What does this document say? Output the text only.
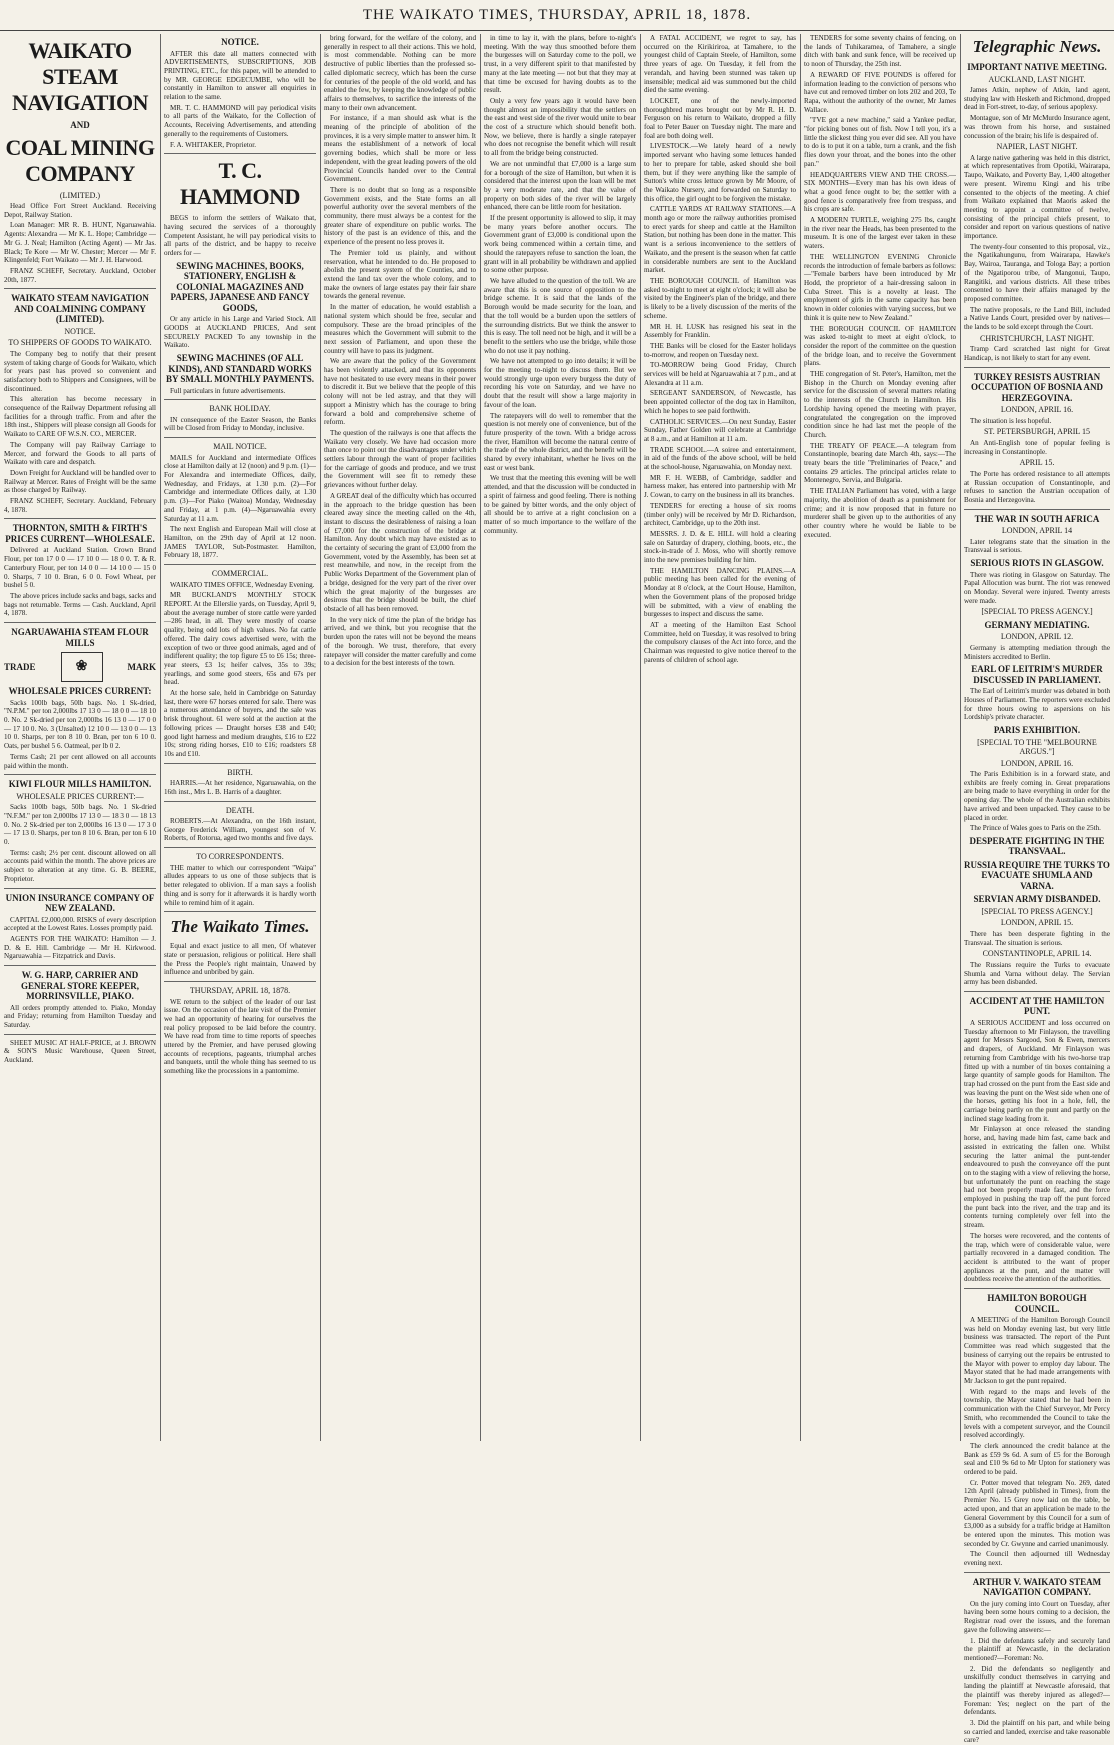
THE WAIKATO TIMES, THURSDAY, APRIL 18, 1878.
WAIKATO STEAM NAVIGATION
AND
COAL MINING COMPANY
(LIMITED.)
Head Office Fort Street Auckland. Receiving Depot, Railway Station.
Loan Manager: MR R. B. HUNT, Ngaruawahia. Agents: Alexandra — Mr K. L. Hope; Cambridge — Mr G. J. Neal; Hamilton (Acting Agent) — Mr Jas. Black; Te Kore — Mr W. Chester; Mercer — Mr F. Klingenfeld; Fort Waikato — Mr J. H. Harwood.
FRANZ SCHEFF, Secretary. Auckland, October 20th, 1877.
WAIKATO STEAM NAVIGATION AND COALMINING COMPANY (LIMITED).
NOTICE.
TO SHIPPERS OF GOODS TO WAIKATO.
The Company beg to notify that their present system of taking charge of Goods for Waikato, which for years past has proved so convenient and satisfactory both to Shippers and Consignees, will be discontinued.
This alteration has become necessary in consequence of the Railway Department refusing all facilities for a through traffic. From and after the 18th inst., Shippers will please consign all Goods for Waikato to CARE OF W.S.N. CO., MERCER.
The Company will pay Railway Carriage to Mercer, and forward the Goods to all parts of Waikato with care and despatch.
Down Freight for Auckland will be handled over to Railway at Mercer. Rates of Freight will be the same as those charged by Railway.
FRANZ SCHEFF, Secretary. Auckland, February 4, 1878.
THORNTON, SMITH & FIRTH'S PRICES CURRENT—WHOLESALE.
Delivered at Auckland Station. Crown Brand Flour, per ton 17 0 0 — 17 10 0 — 18 0 0. T. & R. Canterbury Flour, per ton 14 0 0 — 14 10 0 — 15 0 0. Sharps, 7 10 0. Bran, 6 0 0. Fowl Wheat, per bushel 5 0.
The above prices include sacks and bags, sacks and bags not returnable. Terms — Cash. Auckland, April 4, 1878.
NGARUAWAHIA STEAM FLOUR MILLS
TRADE	❀	MARK
WHOLESALE PRICES CURRENT:
Sacks 100lb bags, 50lb bags. No. 1 Sk-dried, "N.P.M." per ton 2,000lbs 17 13 0 — 18 0 0 — 18 10 0. No. 2 Sk-dried per ton 2,000lbs 16 13 0 — 17 0 0 — 17 10 0. No. 3 (Unsalted) 12 10 0 — 13 0 0 — 13 10 0. Sharps, per ton 8 10 0. Bran, per ton 6 10 0. Oats, per bushel 5 6. Oatmeal, per lb 0 2.
Terms Cash; 21 per cent allowed on all accounts paid within the month.
KIWI FLOUR MILLS HAMILTON.
WHOLESALE PRICES CURRENT:—
Sacks 100lb bags, 50lb bags. No. 1 Sk-dried "N.F.M." per ton 2,000lbs 17 13 0 — 18 3 0 — 18 13 0. No. 2 Sk-dried per ton 2,000lbs 16 13 0 — 17 3 0 — 17 13 0. Sharps, per ton 8 10 6. Bran, per ton 6 10 0.
Terms: cash; 2½ per cent. discount allowed on all accounts paid within the month. The above prices are subject to alteration at any time. G. B. BEERE, Proprietor.
UNION INSURANCE COMPANY OF NEW ZEALAND.
CAPITAL £2,000,000. RISKS of every description accepted at the Lowest Rates. Losses promptly paid.
AGENTS FOR THE WAIKATO: Hamilton — J. D. & E. Hill. Cambridge — Mr H. Kirkwood. Ngaruawahia — Fitzpatrick and Davis.
W. G. HARP, CARRIER AND GENERAL STORE KEEPER, MORRINSVILLE, PIAKO.
All orders promptly attended to. Piako, Monday and Friday; returning from Hamilton Tuesday and Saturday.
SHEET MUSIC AT HALF-PRICE, at J. BROWN & SON'S Music Warehouse, Queen Street, Auckland.
NOTICE.
AFTER this date all matters connected with ADVERTISEMENTS, SUBSCRIPTIONS, JOB PRINTING, ETC., for this paper, will be attended to by MR. GEORGE EDGECUMBE, who will be constantly in Hamilton to answer all enquiries in relation to the same.
MR. T. C. HAMMOND will pay periodical visits to all parts of the Waikato, for the Collection of Accounts, Receiving Advertisements, and attending generally to the requirements of Customers.
F. A. WHITAKER, Proprietor.
T. C. HAMMOND
BEGS to inform the settlers of Waikato that, having secured the services of a thoroughly Competent Assistant, he will pay periodical visits to all parts of the district, and be happy to receive orders for —
SEWING MACHINES, BOOKS, STATIONERY, ENGLISH & COLONIAL MAGAZINES AND PAPERS, JAPANESE AND FANCY GOODS,
Or any article in his Large and Varied Stock. All GOODS at AUCKLAND PRICES, And sent SECURELY PACKED To any township in the Waikato.
SEWING MACHINES (OF ALL KINDS), AND STANDARD WORKS BY SMALL MONTHLY PAYMENTS.
Full particulars in future advertisements.
BANK HOLIDAY.
IN consequence of the Easter Season, the Banks will be Closed from Friday to Monday, inclusive.
MAIL NOTICE.
MAILS for Auckland and intermediate Offices close at Hamilton daily at 12 (noon) and 9 p.m. (1)—For Alexandra and intermediate Offices, daily, Wednesday, and Fridays, at 1.30 p.m. (2)—For Cambridge and intermediate Offices daily, at 1.30 p.m. (3)—For Piako (Waitoa) Monday, Wednesday and Friday, at 1 p.m. (4)—Ngaruawahia every Saturday at 11 a.m.
The next English and European Mail will close at Hamilton, on the 29th day of April at 12 noon. JAMES TAYLOR, Sub-Postmaster. Hamilton, February 18, 1877.
COMMERCIAL.
WAIKATO TIMES OFFICE, Wednesday Evening.
MR BUCKLAND'S MONTHLY STOCK REPORT. At the Ellerslie yards, on Tuesday, April 9, about the average number of store cattle were yarded—286 head, in all. They were mostly of coarse quality, being odd lots of high values. No fat cattle offered. The dairy cows advertised were, with the exception of two or three good animals, aged and of indifferent quality; the top figure £5 to £6 15s; three-year steers, £3 1s; heifer calves, 35s to 39s; yearlings, and some good steers, 65s and 67s per head.
At the horse sale, held in Cambridge on Saturday last, there were 67 horses entered for sale. There was a numerous attendance of buyers, and the sale was brisk throughout. 61 were sold at the auction at the following prices — Draught horses £38 and £40; good light harness and medium draughts, £16 to £22 10s; strong riding horses, £10 to £16; roadsters £8 10s and £10.
BIRTH.
HARRIS.—At her residence, Ngaruawahia, on the 16th inst., Mrs L. B. Harris of a daughter.
DEATH.
ROBERTS.—At Alexandra, on the 16th instant, George Frederick William, youngest son of V. Roberts, of Rotorua, aged two months and five days.
TO CORRESPONDENTS.
THE matter to which our correspondent "Waipa" alludes appears to us one of those subjects that is better relegated to oblivion. If a man says a foolish thing and is sorry for it afterwards it is hardly worth while to remind him of it again.
The Waikato Times.
Equal and exact justice to all men, Of whatever state or persuasion, religious or political. Here shall the Press the People's right maintain, Unawed by influence and unbribed by gain.
THURSDAY, APRIL 18, 1878.
WE return to the subject of the leader of our last issue. On the occasion of the late visit of the Premier we had an opportunity of hearing for ourselves the real policy proposed to be laid before the country. We have read from time to time reports of speeches uttered by the Premier, and have perused glowing accounts of receptions, pageants, triumphal arches and banquets, until the whole thing has seemed to us something like the processions in a pantomime.
bring forward, for the welfare of the colony, and generally in respect to all their actions. This we hold, is most commendable. Nothing can be more destructive of public liberties than the professed so-called diplomatic secrecy, which has been the curse for centuries of the people of the old world, and has enabled the few, by keeping the knowledge of public affairs to themselves, to sacrifice the interests of the many to their own advancement.
For instance, if a man should ask what is the meaning of the principle of abolition of the provinces, it is a very simple matter to answer him. It means the establishment of a network of local governing bodies, which shall be more or less independent, with the great leading powers of the old Provincial Councils handed over to the Central Government.
There is no doubt that so long as a responsible Government exists, and the State forms an all powerful authority over the several members of the community, there must always be a contest for the greater share of expenditure on public works. The history of the past is an evidence of this, and the experience of the present no less proves it.
The Premier told us plainly, and without reservation, what he intended to do. He proposed to abolish the present system of the Counties, and to extend the land tax over the whole colony, and to make the owners of large estates pay their fair share towards the general revenue.
In the matter of education, he would establish a national system which should be free, secular and compulsory. These are the broad principles of the measures which the Government will submit to the next session of Parliament, and upon these the country will have to pass its judgment.
We are aware that the policy of the Government has been violently attacked, and that its opponents have not hesitated to use every means in their power to discredit it. But we believe that the people of this colony will not be led astray, and that they will support a Ministry which has the courage to bring forward a bold and comprehensive scheme of reform.
The question of the railways is one that affects the Waikato very closely. We have had occasion more than once to point out the disadvantages under which settlers labour through the want of proper facilities for the carriage of goods and produce, and we trust the Government will see fit to remedy these grievances without further delay.
A GREAT deal of the difficulty which has occurred in the approach to the bridge question has been cleared away since the meeting called on the 4th, instant to discuss the desirableness of raising a loan of £7,000 for the construction of the bridge at Hamilton. Any doubt which may have existed as to the certainty of securing the grant of £3,000 from the Government, voted by the Assembly, has been set at rest meanwhile, and now, in the receipt from the Public Works Department of the Government plan of a bridge, designed for the very part of the river over which the great majority of the burgesses are desirous that the bridge should be built, the chief obstacle of all has been removed.
In the very nick of time the plan of the bridge has arrived, and we think, but you recognise that the burden upon the rates will not be beyond the means of the borough. We trust, therefore, that every ratepayer will consider the matter carefully and come to a decision for the best interests of the town.
in time to lay it, with the plans, before to-night's meeting. With the way thus smoothed before them the burgesses will on Saturday come to the poll, we trust, in a very different spirit to that manifested by many at the late meeting — not but that they may at that time be excused for having doubts as to the result.
Only a very few years ago it would have been thought almost an impossibility that the settlers on the east and west side of the river would unite to bear the cost of a structure which should benefit both. Now, we believe, there is hardly a single ratepayer who does not recognise the benefit which will result to all from the bridge being constructed.
We are not unmindful that £7,000 is a large sum for a borough of the size of Hamilton, but when it is considered that the interest upon the loan will be met by a very moderate rate, and that the value of property on both sides of the river will be largely enhanced, there can be little room for hesitation.
If the present opportunity is allowed to slip, it may be many years before another occurs. The Government grant of £3,000 is conditional upon the work being commenced within a certain time, and should the ratepayers refuse to sanction the loan, the grant will in all probability be withdrawn and applied to some other purpose.
We have alluded to the question of the toll. We are aware that this is one source of opposition to the bridge scheme. It is said that the lands of the Borough would be made security for the loan, and that the toll would be a burden upon the settlers of the surrounding districts. But we think the answer to this is easy. The toll need not be high, and it will be a benefit to the settlers who use the bridge, while those who do not use it pay nothing.
We have not attempted to go into details; it will be for the meeting to-night to discuss them. But we would strongly urge upon every burgess the duty of recording his vote on Saturday, and we have no doubt that the result will show a large majority in favour of the loan.
The ratepayers will do well to remember that the question is not merely one of convenience, but of the future prosperity of the town. With a bridge across the river, Hamilton will become the natural centre of the trade of the whole district, and the benefit will be shared by every inhabitant, whether he lives on the east or west bank.
We trust that the meeting this evening will be well attended, and that the discussion will be conducted in a spirit of fairness and good feeling. There is nothing to be gained by bitter words, and the only object of all should be to arrive at a right conclusion on a matter of so much importance to the welfare of the community.
A FATAL ACCIDENT, we regret to say, has occurred on the Kirikiriroa, at Tamahere, to the youngest child of Captain Steele, of Hamilton, some three years of age. On Tuesday, it fell from the verandah, and having been stunned was taken up insensible; medical aid was summoned but the child died the same evening.
LOCKET, one of the newly-imported thoroughbred mares brought out by Mr R. H. D. Ferguson on his return to Waikato, dropped a filly foal to Peter Bauer on Tuesday night. The mare and foal are both doing well.
LIVESTOCK.—We lately heard of a newly imported servant who having some lettuces handed to her to prepare for table, asked should she boil them, but if they were anything like the sample of Sutton's white cross lettuce grown by Mr Moore, of the Waikato Nursery, and forwarded on Saturday to this office, the girl ought to be forgiven the mistake.
CATTLE YARDS AT RAILWAY STATIONS.—A month ago or more the railway authorities promised to erect yards for sheep and cattle at the Hamilton Station, but nothing has been done in the matter. This want is a serious inconvenience to the settlers of Waikato, and the present is the season when fat cattle in considerable numbers are sent to the Auckland market.
THE BOROUGH COUNCIL of Hamilton was asked to-night to meet at eight o'clock; it will also be visited by the Engineer's plan of the bridge, and there is likely to be a lively discussion of the merits of the scheme.
MR H. H. LUSK has resigned his seat in the Assembly for Franklin.
THE Banks will be closed for the Easter holidays to-morrow, and reopen on Tuesday next.
TO-MORROW being Good Friday, Church services will be held at Ngaruawahia at 7 p.m., and at Alexandra at 11 a.m.
SERGEANT SANDERSON, of Newcastle, has been appointed collector of the dog tax in Hamilton, which he hopes to see paid forthwith.
CATHOLIC SERVICES.—On next Sunday, Easter Sunday, Father Golden will celebrate at Cambridge at 8 a.m., and at Hamilton at 11 a.m.
TRADE SCHOOL.—A soiree and entertainment, in aid of the funds of the above school, will be held at the school-house, Ngaruawahia, on Monday next.
MR F. H. WEBB, of Cambridge, saddler and harness maker, has entered into partnership with Mr J. Cowan, to carry on the business in all its branches.
TENDERS for erecting a house of six rooms (timber only) will be received by Mr D. Richardson, architect, Cambridge, up to the 20th inst.
MESSRS. J. D. & E. HILL will hold a clearing sale on Saturday of drapery, clothing, boots, etc., the stock-in-trade of J. Moss, who will shortly remove into the new premises building for him.
THE HAMILTON DANCING PLAINS.—A public meeting has been called for the evening of Monday at 8 o'clock, at the Court House, Hamilton, when the Government plans of the proposed bridge will be submitted, with a view of enabling the burgesses to inspect and discuss the same.
AT a meeting of the Hamilton East School Committee, held on Tuesday, it was resolved to bring the compulsory clauses of the Act into force, and the Chairman was requested to give notice thereof to the parents of children of school age.
TENDERS for some seventy chains of fencing, on the lands of Tuhikaramea, of Tamahere, a single ditch with bank and sunk fence, will be received up to noon of Thursday, the 25th inst.
A REWARD OF FIVE POUNDS is offered for information leading to the conviction of persons who have cut and removed timber on lots 202 and 203, Te Rapa, without the authority of the owner, Mr James Wallace.
"I'VE got a new machine," said a Yankee pedlar, "for picking bones out of fish. Now I tell you, it's a little the slickest thing you ever did see. All you have to do is to put it on a table, turn a crank, and the fish flies down your throat, and the bones into the other pan."
HEADQUARTERS VIEW AND THE CROSS.—SIX MONTHS—Every man has his own ideas of what a good fence ought to be; the settler with a good fence is comparatively free from trespass, and his crops are safe.
A MODERN TURTLE, weighing 275 lbs, caught in the river near the Heads, has been presented to the museum. It is one of the largest ever taken in these waters.
THE WELLINGTON EVENING Chronicle records the introduction of female barbers as follows:—"Female barbers have been introduced by Mr Hodd, the proprietor of a hair-dressing saloon in Cuba Street. This is a novelty at least. The employment of girls in the same capacity has been known in older colonies with varying success, but we think it is quite new to New Zealand."
THE BOROUGH COUNCIL OF HAMILTON was asked to-night to meet at eight o'clock, to consider the report of the committee on the question of the bridge loan, and to receive the Government plans.
THE congregation of St. Peter's, Hamilton, met the Bishop in the Church on Monday evening after service for the discussion of several matters relating to the interests of the Church in Hamilton. His Lordship having opened the meeting with prayer, congratulated the congregation on the improved condition since he had last met the people of the Church.
THE TREATY OF PEACE.—A telegram from Constantinople, bearing date March 4th, says:—The treaty bears the title "Preliminaries of Peace," and contains 29 articles. The principal articles relate to Montenegro, Servia, and Bulgaria.
THE ITALIAN Parliament has voted, with a large majority, the abolition of death as a punishment for crime; and it is now proposed that in future no murderer shall be given up to the authorities of any other country where he would be liable to be executed.
Telegraphic News.
IMPORTANT NATIVE MEETING.
AUCKLAND, LAST NIGHT.
James Atkin, nephew of Atkin, land agent, studying law with Hesketh and Richmond, dropped dead in Fort-street, to-day, of serious apoplexy.
Montague, son of Mr McMurdo Insurance agent, was thrown from his horse, and sustained concussion of the brain; his life is despaired of.
NAPIER, LAST NIGHT.
A large native gathering was held in this district, at which representatives from Opotiki, Wairarapa, Taupo, Waikato, and Poverty Bay, 1,400 altogether were present. Wiremu Kingi and his tribe consented to the objects of the meeting. A chief from Waikato explained that Maoris asked the meeting to appoint a committee of twelve, consisting of the principal chiefs present, to consider and report on various questions of native importance.
The twenty-four consented to this proposal, viz., the Ngatikahungunu, from Wairarapa, Hawke's Bay, Wairoa, Tauranga, and Tologa Bay; a portion of the Ngatiporou tribe, of Mangonui, Taupo, Rangitiki, and various districts. All these tribes consented to have their affairs managed by the proposed committee.
The native proposals, re the Land Bill, included a Native Lands Court, presided over by natives—the lands to be sold except through the Court.
CHRISTCHURCH, LAST NIGHT.
Tramp Card scratched last night for Great Handicap, is not likely to start for any event.
TURKEY RESISTS AUSTRIAN OCCUPATION OF BOSNIA AND HERZEGOVINA.
LONDON, APRIL 16.
The situation is less hopeful.
ST. PETERSBURGH, APRIL 15
An Anti-English tone of popular feeling is increasing in Constantinople.
APRIL 15.
The Porte has ordered resistance to all attempts at Russian occupation of Constantinople, and refuses to sanction the Austrian occupation of Bosnia and Herzegovina.
THE WAR IN SOUTH AFRICA
LONDON, APRIL 14
Later telegrams state that the situation in the Transvaal is serious.
SERIOUS RIOTS IN GLASGOW.
There was rioting in Glasgow on Saturday. The Papal Allocution was burnt. The riot was renewed on Monday. Several were injured. Twenty arrests were made.
[SPECIAL TO PRESS AGENCY.]
GERMANY MEDIATING.
LONDON, APRIL 12.
Germany is attempting mediation through the Ministers accredited to Berlin.
EARL OF LEITRIM'S MURDER DISCUSSED IN PARLIAMENT.
The Earl of Leitrim's murder was debated in both Houses of Parliament. The reporters were excluded for three hours owing to aspersions on his Lordship's private character.
PARIS EXHIBITION.
[SPECIAL TO THE "MELBOURNE ARGUS."]
LONDON, APRIL 16.
The Paris Exhibition is in a forward state, and exhibits are freely coming in. Great preparations are being made to have everything in order for the opening day. The whole of the Australian exhibits have arrived and been unpacked. They cause to be placed in order.
The Prince of Wales goes to Paris on the 25th.
DESPERATE FIGHTING IN THE TRANSVAAL.
RUSSIA REQUIRE THE TURKS TO EVACUATE SHUMLA AND VARNA.
SERVIAN ARMY DISBANDED.
[SPECIAL TO PRESS AGENCY.]
LONDON, APRIL 15.
There has been desperate fighting in the Transvaal. The situation is serious.
CONSTANTINOPLE, APRIL 14.
The Russians require the Turks to evacuate Shumla and Varna without delay. The Servian army has been disbanded.
ACCIDENT AT THE HAMILTON PUNT.
A SERIOUS ACCIDENT and loss occurred on Tuesday afternoon to Mr Finlayson, the travelling agent for Messrs Sargood, Son & Ewen, mercers and drapers, of Auckland. Mr Finlayson was returning from Cambridge with his two-horse trap fitted up with a number of tin boxes containing a large quantity of sample goods for Hamilton. The trap had crossed on the punt from the East side and was leaving the punt on the West side when one of the horses, getting his foot in a hole, fell, the carriage being partly on the punt and partly on the inclined stage leading from it.
Mr Finlayson at once released the standing horse, and, having made him fast, came back and assisted in extricating the fallen one. Whilst securing the latter animal the punt-tender endeavoured to push the conveyance off the punt on to the staging with a view of relieving the horse, but unfortunately the punt on reaching the stage had not been properly made fast, and the force employed in pushing the trap off the punt forced the punt back into the river, and the trap and its contents turning completely over fell into the stream.
The horses were recovered, and the contents of the trap, which were of considerable value, were partially recovered in a damaged condition. The accident is attributed to the want of proper appliances at the punt, and the matter will doubtless receive the attention of the authorities.
HAMILTON BOROUGH COUNCIL.
A MEETING of the Hamilton Borough Council was held on Monday evening last, but very little business was transacted. The report of the Punt Committee was read which suggested that the business of carrying out the repairs be entrusted to the Mayor with power to employ day labour. The Mayor stated that he had made arrangements with Mr Jackson to get the punt repaired.
With regard to the maps and levels of the township, the Mayor stated that he had been in communication with the Chief Surveyor, Mr Percy Smith, who recommended the Council to take the levels with a competent surveyor, and the Council resolved accordingly.
The clerk announced the credit balance at the Bank as £59 9s 6d. A sum of £5 for the Borough seal and £10 9s 6d to Mr Upton for stationery was ordered to be paid.
Cr. Potter moved that telegram No. 269, dated 12th April (already published in Times), from the Premier No. 15 Grey now laid on the table, be acted upon, and that an application be made to the General Government by this Council for a sum of £3,000 as a subsidy for a traffic bridge at Hamilton be entered upon the minutes. This motion was seconded by Cr. Gwynne and carried unanimously.
The Council then adjourned till Wednesday evening next.
ARTHUR V. WAIKATO STEAM NAVIGATION COMPANY.
On the jury coming into Court on Tuesday, after having been some hours coming to a decision, the Registrar read over the issues, and the foreman gave the following answers:—
1. Did the defendants safely and securely land the plaintiff at Newcastle, in the declaration mentioned?—Foreman: No.
2. Did the defendants so negligently and unskilfully conduct themselves in carrying and landing the plaintiff at Newcastle aforesaid, that the plaintiff was thereby injured as alleged?—Foreman: Yes; neglect on the part of the defendants.
3. Did the plaintiff on his part, and while being so carried and landed, exercise and take reasonable care?
